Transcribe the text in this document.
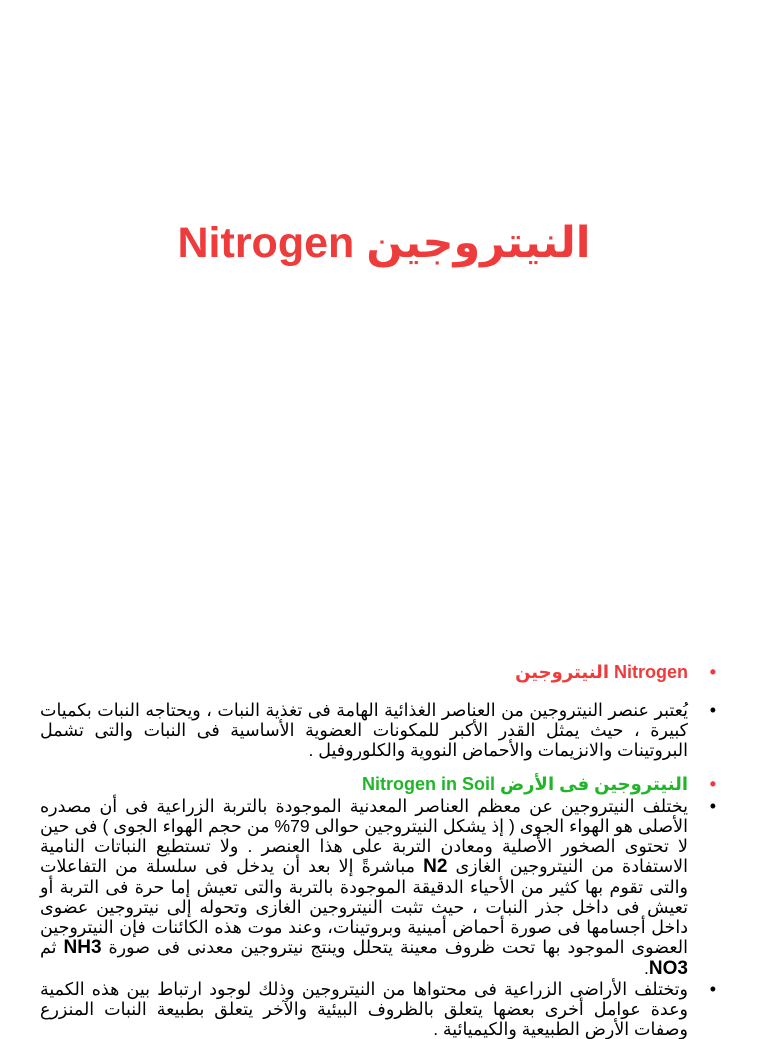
Nitrogen النيتروجين
•
Nitrogen النيتروجين
•
يُعتبر عنصر النيتروجين من العناصر الغذائية الهامة فى تغذية النبات ، ويحتاجه النبات بكميات كبيرة ، حيث يمثل القدر الأكبر للمكونات العضوية الأساسية فى النبات والتى تشمل البروتينات والانزيمات والأحماض النووية والكلوروفيل .
•
النيتروجين فى الأرض Nitrogen in Soil
•
يختلف النيتروجين عن معظم العناصر المعدنية الموجودة بالتربة الزراعية فى أن مصدره الأصلى هو الهواء الجوى ( إذ يشكل النيتروجين حوالى 79% من حجم الهواء الجوى ) فى حين لا تحتوى الصخور الأصلية ومعادن التربة على هذا العنصر . ولا تستطيع النباتات النامية الاستفادة من النيتروجين الغازى N2 مباشرةً إلا بعد أن يدخل فى سلسلة من التفاعلات والتى تقوم بها كثير من الأحياء الدقيقة الموجودة بالتربة والتى تعيش إما حرة فى التربة أو تعيش فى داخل جذر النبات ، حيث تثبت النيتروجين الغازى وتحوله إلى نيتروجين عضوى داخل أجسامها فى صورة أحماض أمينية وبروتينات، وعند موت هذه الكائنات فإن النيتروجين العضوى الموجود بها تحت ظروف معينة يتحلل وينتج نيتروجين معدنى فى صورة NH3 ثم NO3.
•
وتختلف الأراضى الزراعية فى محتواها من النيتروجين وذلك لوجود ارتباط بين هذه الكمية وعدة عوامل أخرى بعضها يتعلق بالظروف البيئية والآخر يتعلق بطبيعة النبات المنزرع وصفات الأرض الطبيعية والكيميائية .
